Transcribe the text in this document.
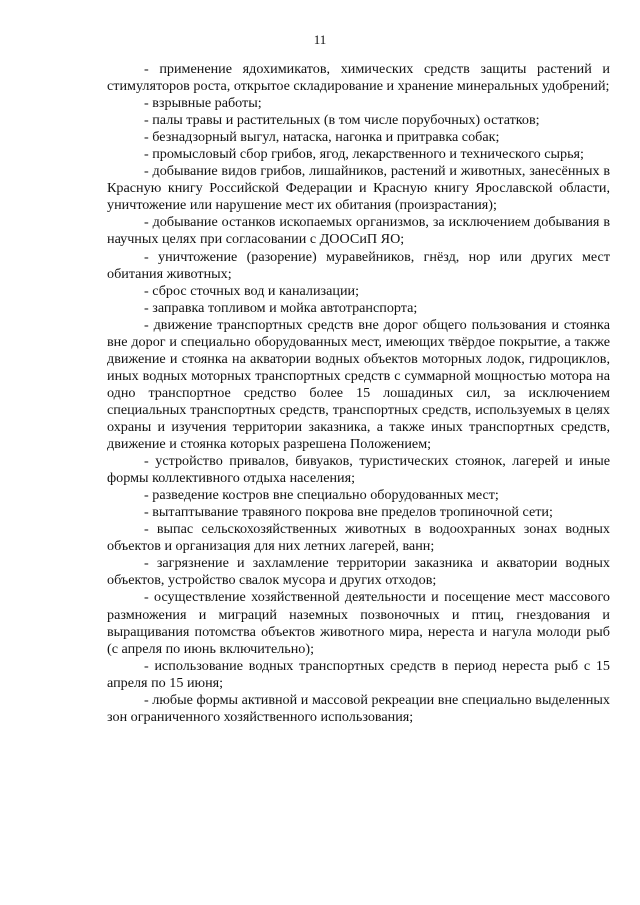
11

- применение ядохимикатов, химических средств защиты растений и стимуляторов роста, открытое складирование и хранение минеральных удобрений;

- взрывные работы;

- палы травы и растительных (в том числе порубочных) остатков;

- безнадзорный выгул, натаска, нагонка и притравка собак;

- промысловый сбор грибов, ягод, лекарственного и технического сырья;

- добывание видов грибов, лишайников, растений и животных, занесённых в Красную книгу Российской Федерации и Красную книгу Ярославской области, уничтожение или нарушение мест их обитания (произрастания);

- добывание останков ископаемых организмов, за исключением добывания в научных целях при согласовании с ДООСиП ЯО;

- уничтожение (разорение) муравейников, гнёзд, нор или других мест обитания животных;

- сброс сточных вод и канализации;

- заправка топливом и мойка автотранспорта;

- движение транспортных средств вне дорог общего пользования и стоянка вне дорог и специально оборудованных мест, имеющих твёрдое покрытие, а также движение и стоянка на акватории водных объектов моторных лодок, гидроциклов, иных водных моторных транспортных средств с суммарной мощностью мотора на одно транспортное средство более 15 лошадиных сил, за исключением специальных транспортных средств, транспортных средств, используемых в целях охраны и изучения территории заказника, а также иных транспортных средств, движение и стоянка которых разрешена Положением;

- устройство привалов, бивуаков, туристических стоянок, лагерей и иные формы коллективного отдыха населения;

- разведение костров вне специально оборудованных мест;

- вытаптывание травяного покрова вне пределов тропиночной сети;

- выпас сельскохозяйственных животных в водоохранных зонах водных объектов и организация для них летних лагерей, ванн;

- загрязнение и захламление территории заказника и акватории водных объектов, устройство свалок мусора и других отходов;

- осуществление хозяйственной деятельности и посещение мест массового размножения и миграций наземных позвоночных и птиц, гнездования и выращивания потомства объектов животного мира, нереста и нагула молоди рыб (с апреля по июнь включительно);

- использование водных транспортных средств в период нереста рыб с 15 апреля по 15 июня;

- любые формы активной и массовой рекреации вне специально выделенных зон ограниченного хозяйственного использования;
